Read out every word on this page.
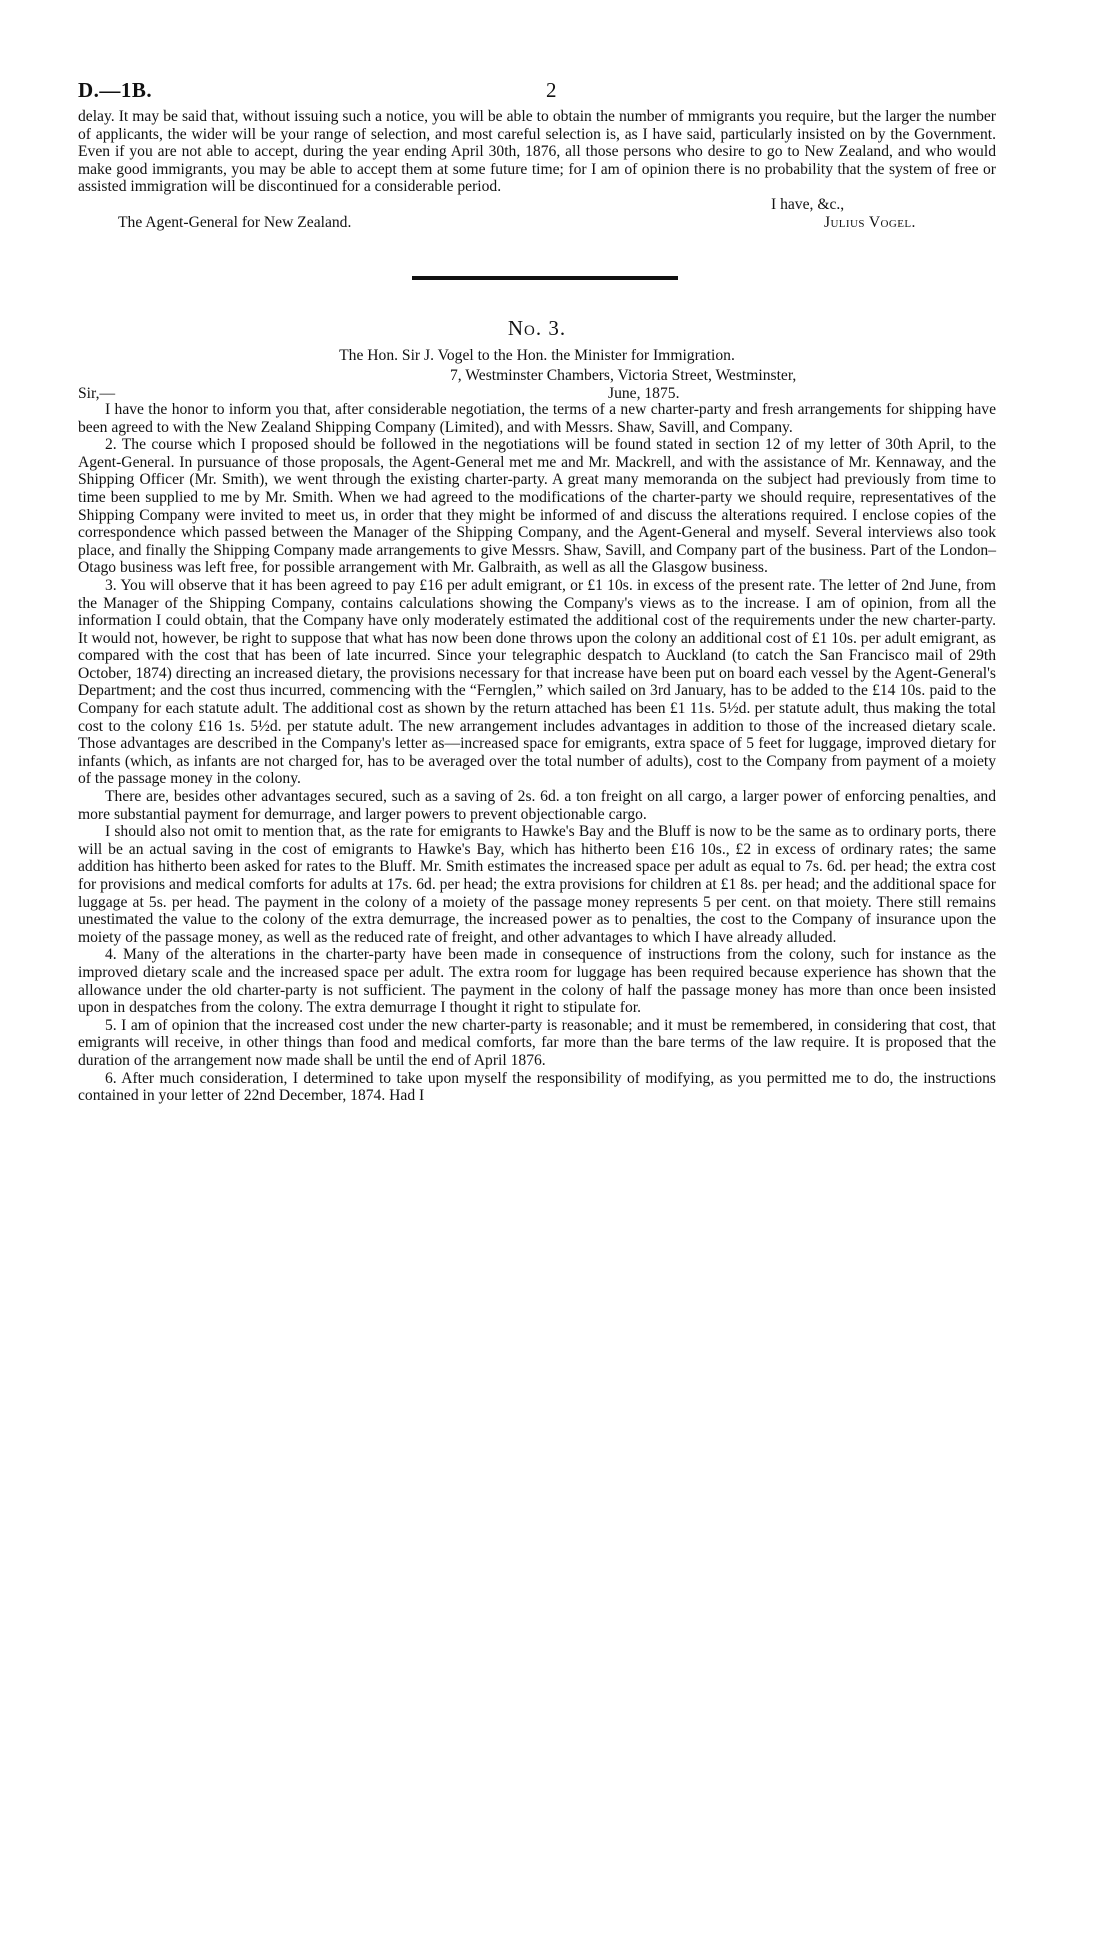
D.—1B.	2

delay. It may be said that, without issuing such a notice, you will be able to obtain the number of mmigrants you require, but the larger the number of applicants, the wider will be your range of selection, and most careful selection is, as I have said, particularly insisted on by the Government. Even if you are not able to accept, during the year ending April 30th, 1876, all those persons who desire to go to New Zealand, and who would make good immigrants, you may be able to accept them at some future time; for I am of opinion there is no probability that the system of free or assisted immigration will be discontinued for a considerable period.

I have, &c.,
The Agent-General for New Zealand.	Julius Vogel.
No. 3.
The Hon. Sir J. Vogel to the Hon. the Minister for Immigration.
7, Westminster Chambers, Victoria Street, Westminster,
Sir,—	June, 1875.

I have the honor to inform you that, after considerable negotiation, the terms of a new charter-party and fresh arrangements for shipping have been agreed to with the New Zealand Shipping Company (Limited), and with Messrs. Shaw, Savill, and Company.

2. The course which I proposed should be followed in the negotiations will be found stated in section 12 of my letter of 30th April, to the Agent-General. In pursuance of those proposals, the Agent-General met me and Mr. Mackrell, and with the assistance of Mr. Kennaway, and the Shipping Officer (Mr. Smith), we went through the existing charter-party. A great many memoranda on the subject had previously from time to time been supplied to me by Mr. Smith. When we had agreed to the modifications of the charter-party we should require, representatives of the Shipping Company were invited to meet us, in order that they might be informed of and discuss the alterations required. I enclose copies of the correspondence which passed between the Manager of the Shipping Company, and the Agent-General and myself. Several interviews also took place, and finally the Shipping Company made arrangements to give Messrs. Shaw, Savill, and Company part of the business. Part of the London–Otago business was left free, for possible arrangement with Mr. Galbraith, as well as all the Glasgow business.

3. You will observe that it has been agreed to pay £16 per adult emigrant, or £1 10s. in excess of the present rate. The letter of 2nd June, from the Manager of the Shipping Company, contains calculations showing the Company's views as to the increase. I am of opinion, from all the information I could obtain, that the Company have only moderately estimated the additional cost of the requirements under the new charter-party. It would not, however, be right to suppose that what has now been done throws upon the colony an additional cost of £1 10s. per adult emigrant, as compared with the cost that has been of late incurred. Since your telegraphic despatch to Auckland (to catch the San Francisco mail of 29th October, 1874) directing an increased dietary, the provisions necessary for that increase have been put on board each vessel by the Agent-General's Department; and the cost thus incurred, commencing with the “Fernglen,” which sailed on 3rd January, has to be added to the £14 10s. paid to the Company for each statute adult. The additional cost as shown by the return attached has been £1 11s. 5½d. per statute adult, thus making the total cost to the colony £16 1s. 5½d. per statute adult. The new arrangement includes advantages in addition to those of the increased dietary scale. Those advantages are described in the Company's letter as—increased space for emigrants, extra space of 5 feet for luggage, improved dietary for infants (which, as infants are not charged for, has to be averaged over the total number of adults), cost to the Company from payment of a moiety of the passage money in the colony.

There are, besides other advantages secured, such as a saving of 2s. 6d. a ton freight on all cargo, a larger power of enforcing penalties, and more substantial payment for demurrage, and larger powers to prevent objectionable cargo.

I should also not omit to mention that, as the rate for emigrants to Hawke's Bay and the Bluff is now to be the same as to ordinary ports, there will be an actual saving in the cost of emigrants to Hawke's Bay, which has hitherto been £16 10s., £2 in excess of ordinary rates; the same addition has hitherto been asked for rates to the Bluff. Mr. Smith estimates the increased space per adult as equal to 7s. 6d. per head; the extra cost for provisions and medical comforts for adults at 17s. 6d. per head; the extra provisions for children at £1 8s. per head; and the additional space for luggage at 5s. per head. The payment in the colony of a moiety of the passage money represents 5 per cent. on that moiety. There still remains unestimated the value to the colony of the extra demurrage, the increased power as to penalties, the cost to the Company of insurance upon the moiety of the passage money, as well as the reduced rate of freight, and other advantages to which I have already alluded.

4. Many of the alterations in the charter-party have been made in consequence of instructions from the colony, such for instance as the improved dietary scale and the increased space per adult. The extra room for luggage has been required because experience has shown that the allowance under the old charter-party is not sufficient. The payment in the colony of half the passage money has more than once been insisted upon in despatches from the colony. The extra demurrage I thought it right to stipulate for.

5. I am of opinion that the increased cost under the new charter-party is reasonable; and it must be remembered, in considering that cost, that emigrants will receive, in other things than food and medical comforts, far more than the bare terms of the law require. It is proposed that the duration of the arrangement now made shall be until the end of April 1876.

6. After much consideration, I determined to take upon myself the responsibility of modifying, as you permitted me to do, the instructions contained in your letter of 22nd December, 1874. Had I
